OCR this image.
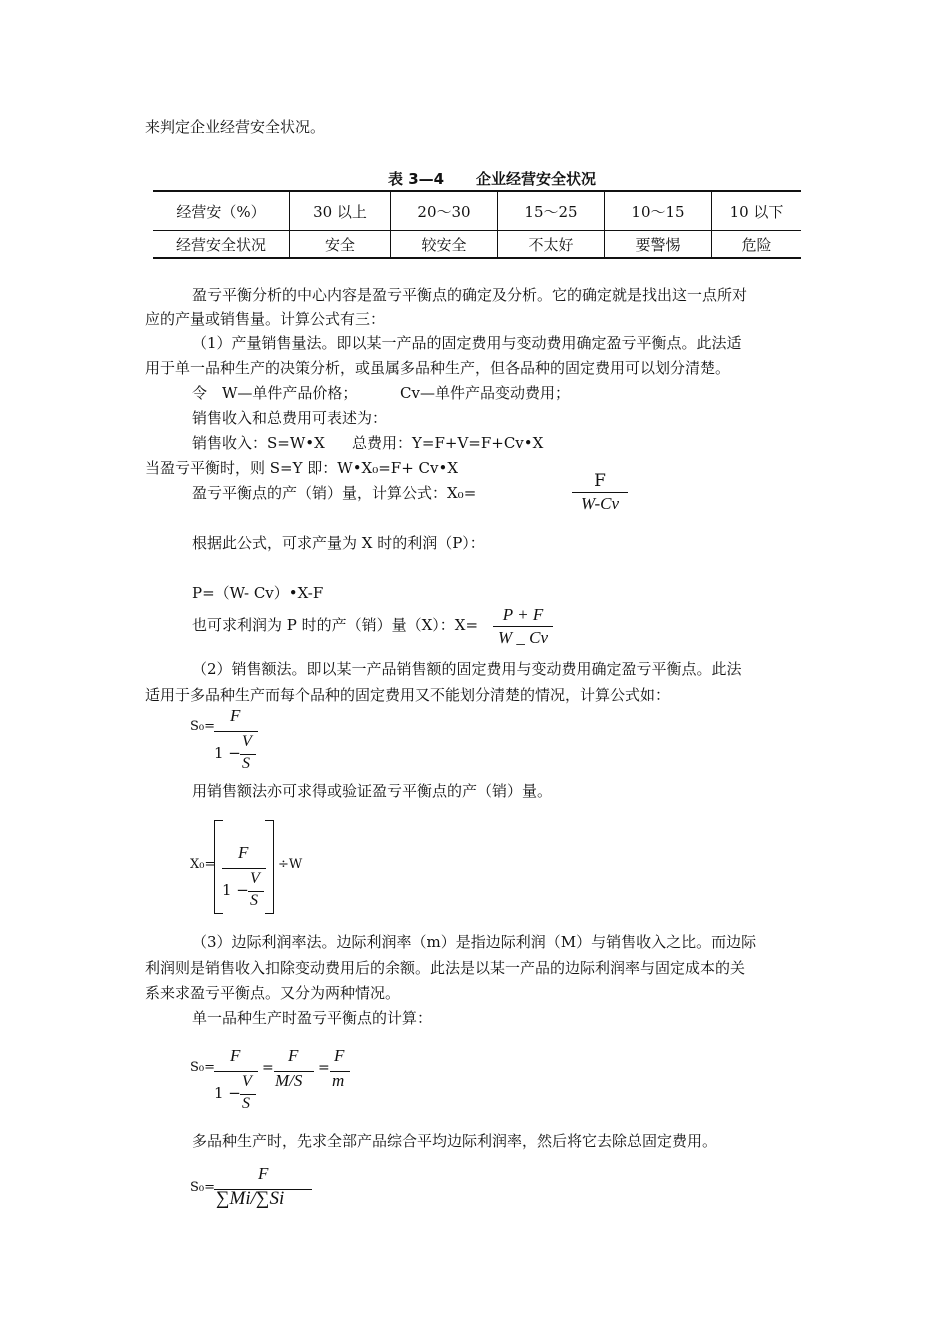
来判定企业经营安全状况。
表 3—4 企业经营安全状况
经营安（%）	30 以上	20～30	15～25	10～15	10 以下
经营安全状况	安全	较安全	不太好	要警惕	危险
盈亏平衡分析的中心内容是盈亏平衡点的确定及分析。它的确定就是找出这一点所对
应的产量或销售量。计算公式有三：
（1）产量销售量法。即以某一产品的固定费用与变动费用确定盈亏平衡点。此法适
用于单一品种生产的决策分析，或虽属多品种生产，但各品种的固定费用可以划分清楚。
令　W—单件产品价格；	Cv—单件产品变动费用；
销售收入和总费用可表述为：
销售收入：S=W•X 总费用：Y=F+V=F+Cv•X
当盈亏平衡时，则 S=Y 即：W•X₀=F+ Cv•X
盈亏平衡点的产（销）量，计算公式：X₀=	$\frac{F}{W-Cv}$
根据此公式，可求产量为 X 时的利润（P）：
P=（W- Cv）•X-F
也可求利润为 P 时的产（销）量（X）：$X= \frac{P + F}{W \_ Cv}$
（2）销售额法。即以某一产品销售额的固定费用与变动费用确定盈亏平衡点。此法
适用于多品种生产而每个品种的固定费用又不能划分清楚的情况，计算公式如：
S₀=
F
1 −
V
S
用销售额法亦可求得或验证盈亏平衡点的产（销）量。
X₀=
F
1 −
V
S
÷W
（3）边际利润率法。边际利润率（m）是指边际利润（M）与销售收入之比。而边际
利润则是销售收入扣除变动费用后的余额。此法是以某一产品的边际利润率与固定成本的关
系来求盈亏平衡点。又分为两种情况。
单一品种生产时盈亏平衡点的计算：
S₀=
F
1 −
V
S
=
F
M/S
=
F
m
多品种生产时，先求全部产品综合平均边际利润率，然后将它去除总固定费用。
S₀=
F
∑Mi/∑Si
